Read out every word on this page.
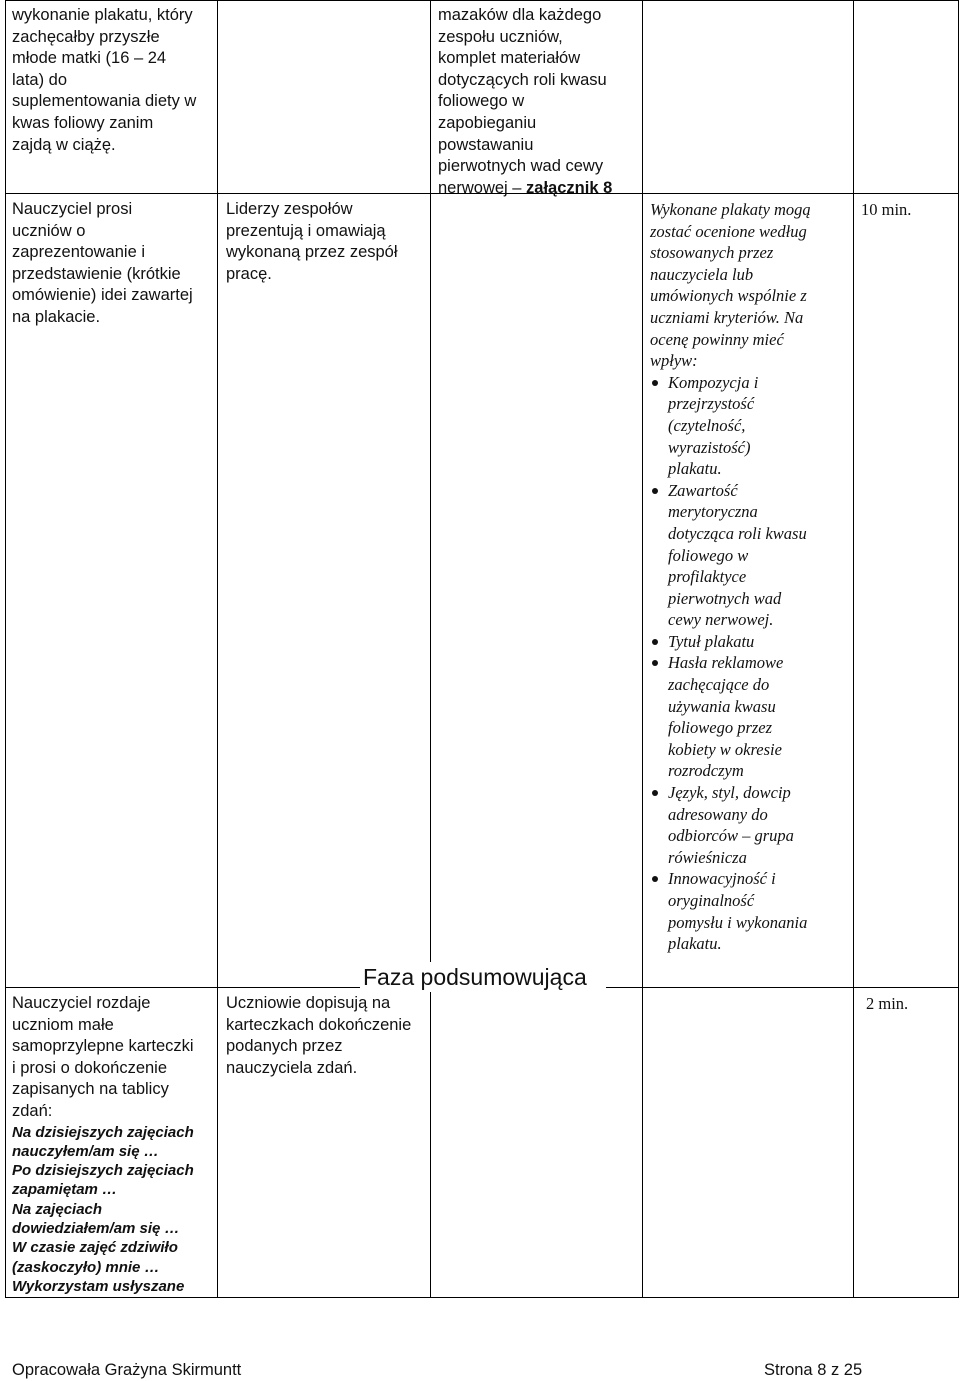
wykonanie plakatu, który
zachęcałby przyszłe
młode matki (16 – 24
lata) do
suplementowania diety w
kwas foliowy zanim
zajdą w ciążę.
mazaków dla każdego
zespołu uczniów,
komplet materiałów
dotyczących roli kwasu
foliowego w
zapobieganiu
powstawaniu
pierwotnych wad cewy
nerwowej – załącznik 8
Nauczyciel prosi
uczniów o
zaprezentowanie i
przedstawienie (krótkie
omówienie) idei zawartej
na plakacie.
Liderzy zespołów
prezentują i omawiają
wykonaną przez zespół
pracę.
Wykonane plakaty mogą
zostać ocenione według
stosowanych przez
nauczyciela lub
umówionych wspólnie z
uczniami kryteriów. Na
ocenę powinny mieć
wpływ:
Kompozycja i
przejrzystość
(czytelność,
wyrazistość)
plakatu.
Zawartość
merytoryczna
dotycząca roli kwasu
foliowego w
profilaktyce
pierwotnych wad
cewy nerwowej.
Tytuł plakatu
Hasła reklamowe
zachęcające do
używania kwasu
foliowego przez
kobiety w okresie
rozrodczym
Język, styl, dowcip
adresowany do
odbiorców – grupa
rówieśnicza
Innowacyjność i
oryginalność
pomysłu i wykonania
plakatu.
10 min.
Faza podsumowująca
Nauczyciel rozdaje
uczniom małe
samoprzylepne karteczki
i prosi o dokończenie
zapisanych na tablicy
zdań:
Na dzisiejszych zajęciach
nauczyłem/am się …
Po dzisiejszych zajęciach
zapamiętam …
Na zajęciach
dowiedziałem/am się …
W czasie zajęć zdziwiło
(zaskoczyło) mnie …
Wykorzystam usłyszane
Uczniowie dopisują na
karteczkach dokończenie
podanych przez
nauczyciela zdań.
2 min.
Opracowała Grażyna Skirmuntt	Strona 8 z 25
